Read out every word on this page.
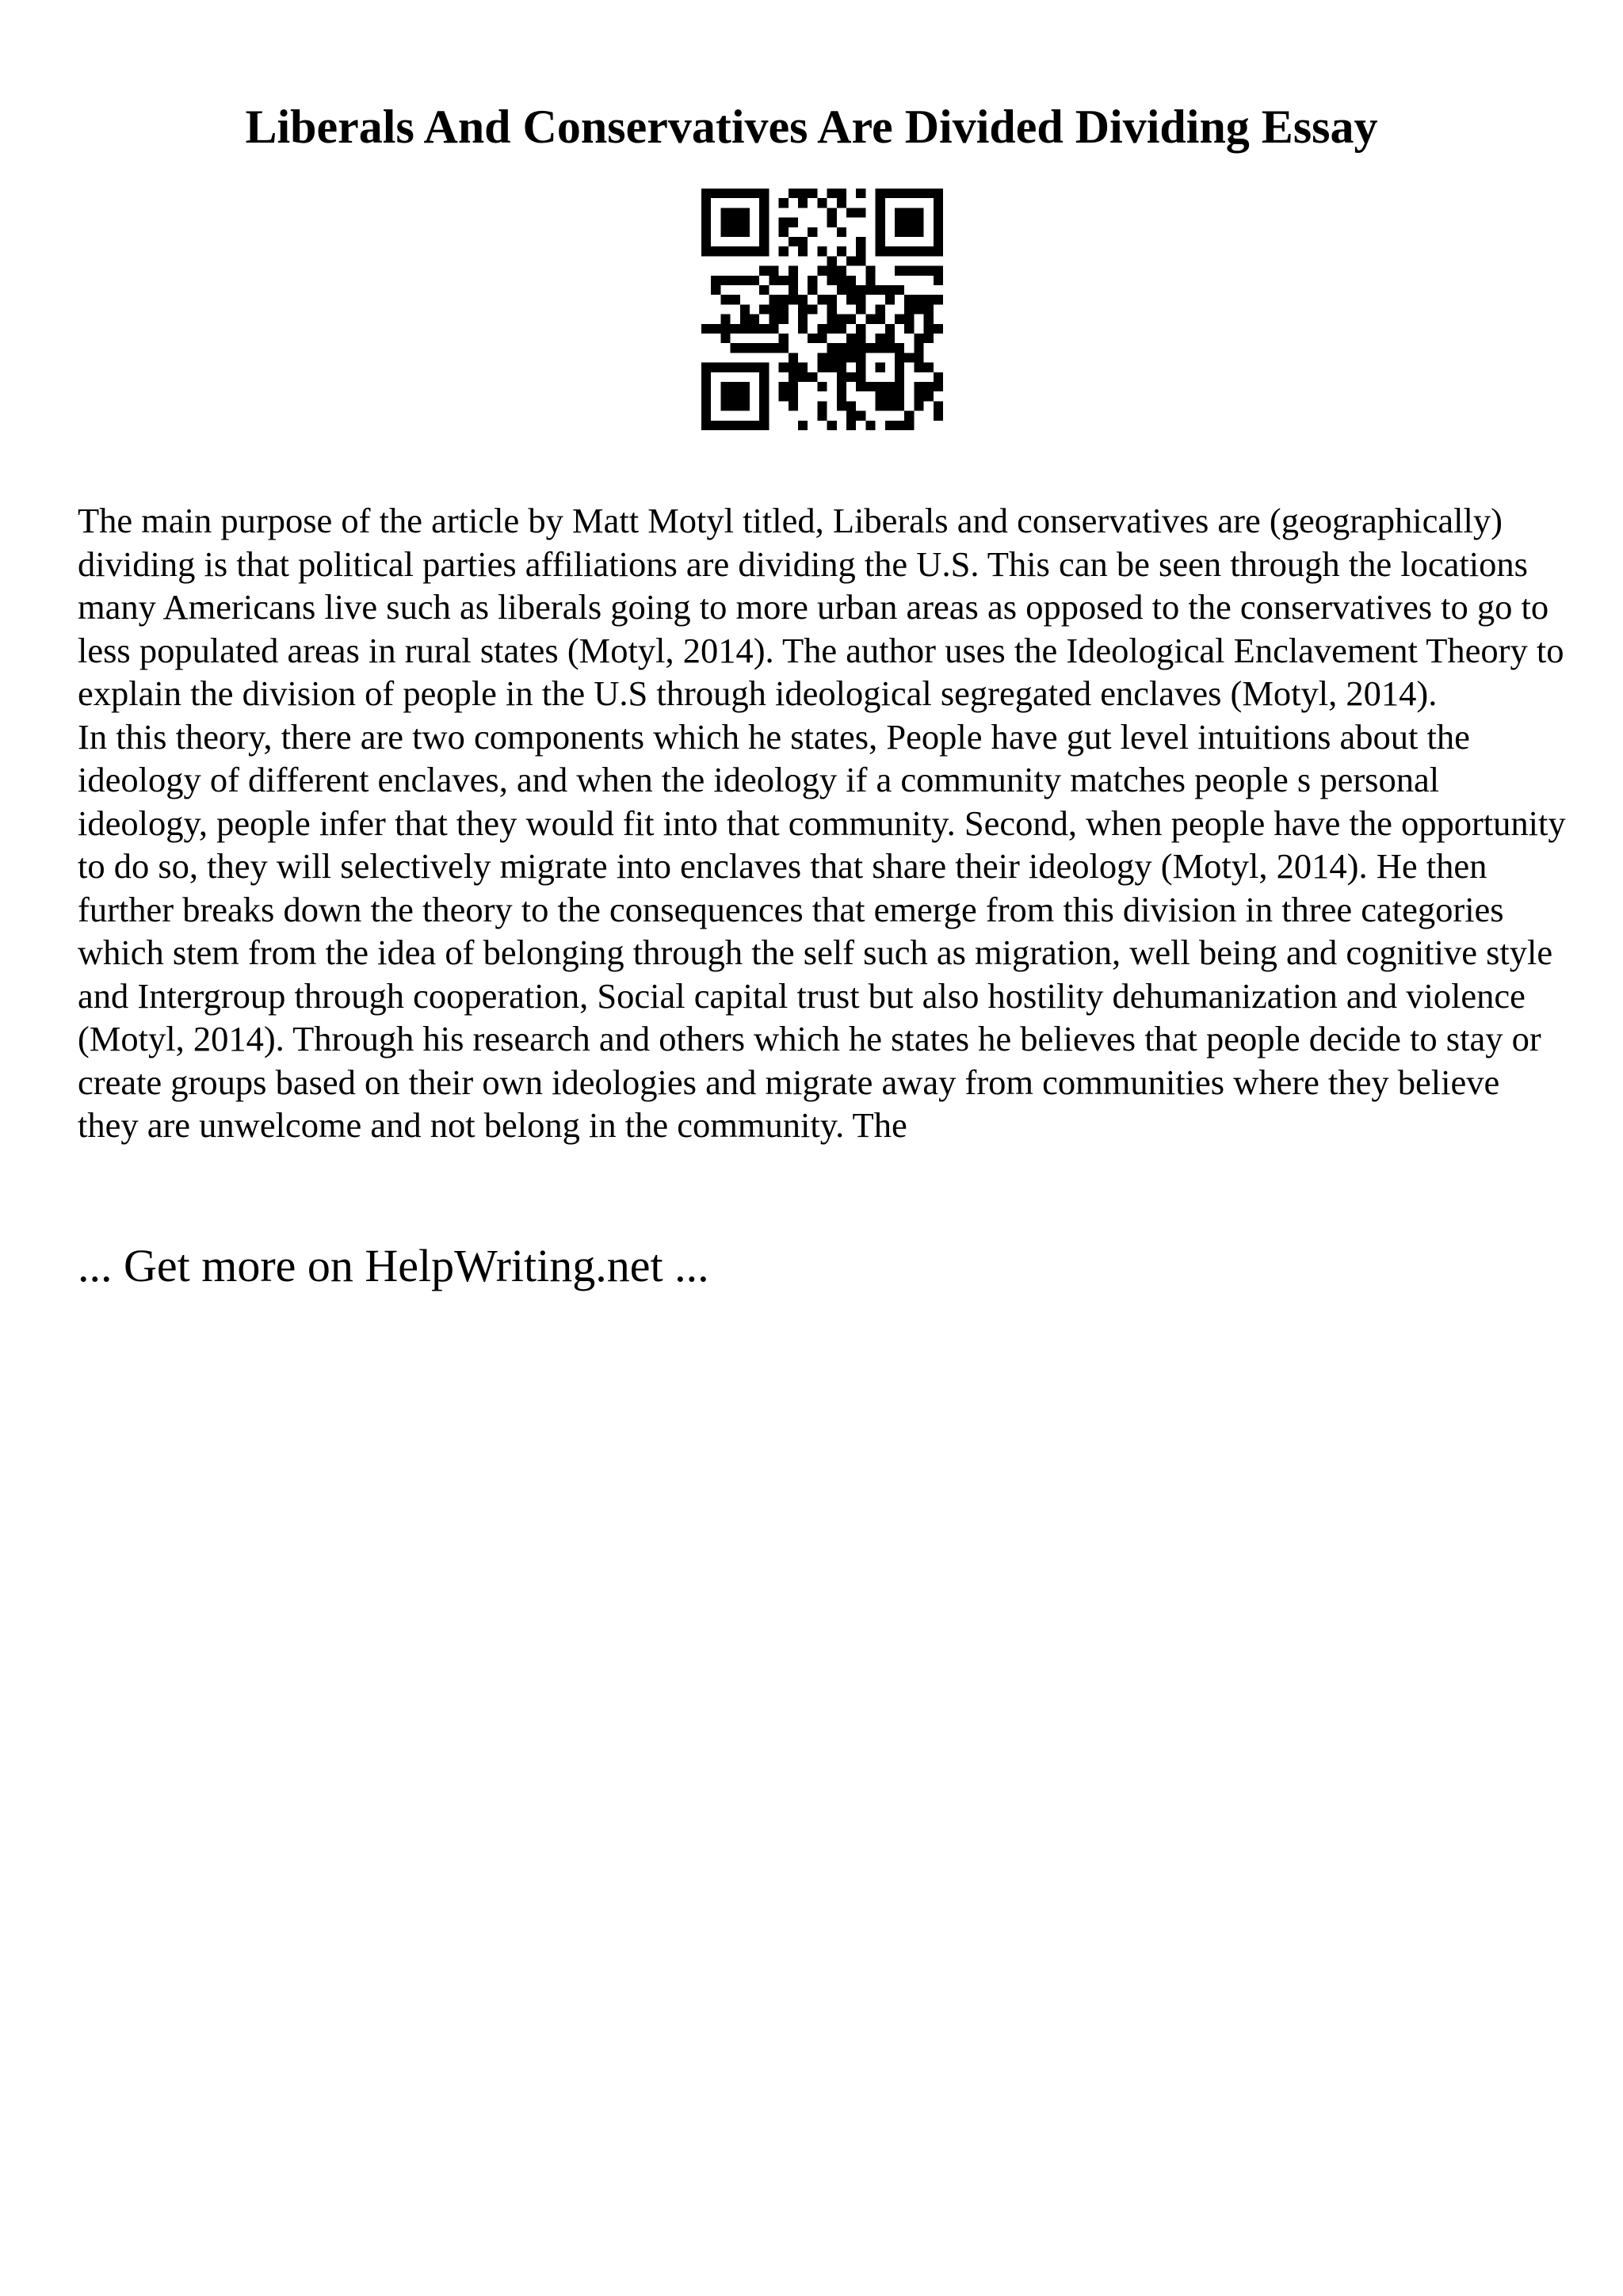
Liberals And Conservatives Are Divided Dividing Essay

The main purpose of the article by Matt Motyl titled, Liberals and conservatives are (geographically) dividing is that political parties affiliations are dividing the U.S. This can be seen through the locations many Americans live such as liberals going to more urban areas as opposed to the conservatives to go to less populated areas in rural states (Motyl, 2014). The author uses the Ideological Enclavement Theory to explain the division of people in the U.S through ideological segregated enclaves (Motyl, 2014).

In this theory, there are two components which he states, People have gut level intuitions about the ideology of different enclaves, and when the ideology if a community matches people s personal ideology, people infer that they would fit into that community. Second, when people have the opportunity to do so, they will selectively migrate into enclaves that share their ideology (Motyl, 2014). He then further breaks down the theory to the consequences that emerge from this division in three categories which stem from the idea of belonging through the self such as migration, well being and cognitive style and Intergroup through cooperation, Social capital trust but also hostility dehumanization and violence (Motyl, 2014). Through his research and others which he states he believes that people decide to stay or create groups based on their own ideologies and migrate away from communities where they believe they are unwelcome and not belong in the community. The

... Get more on HelpWriting.net ...
